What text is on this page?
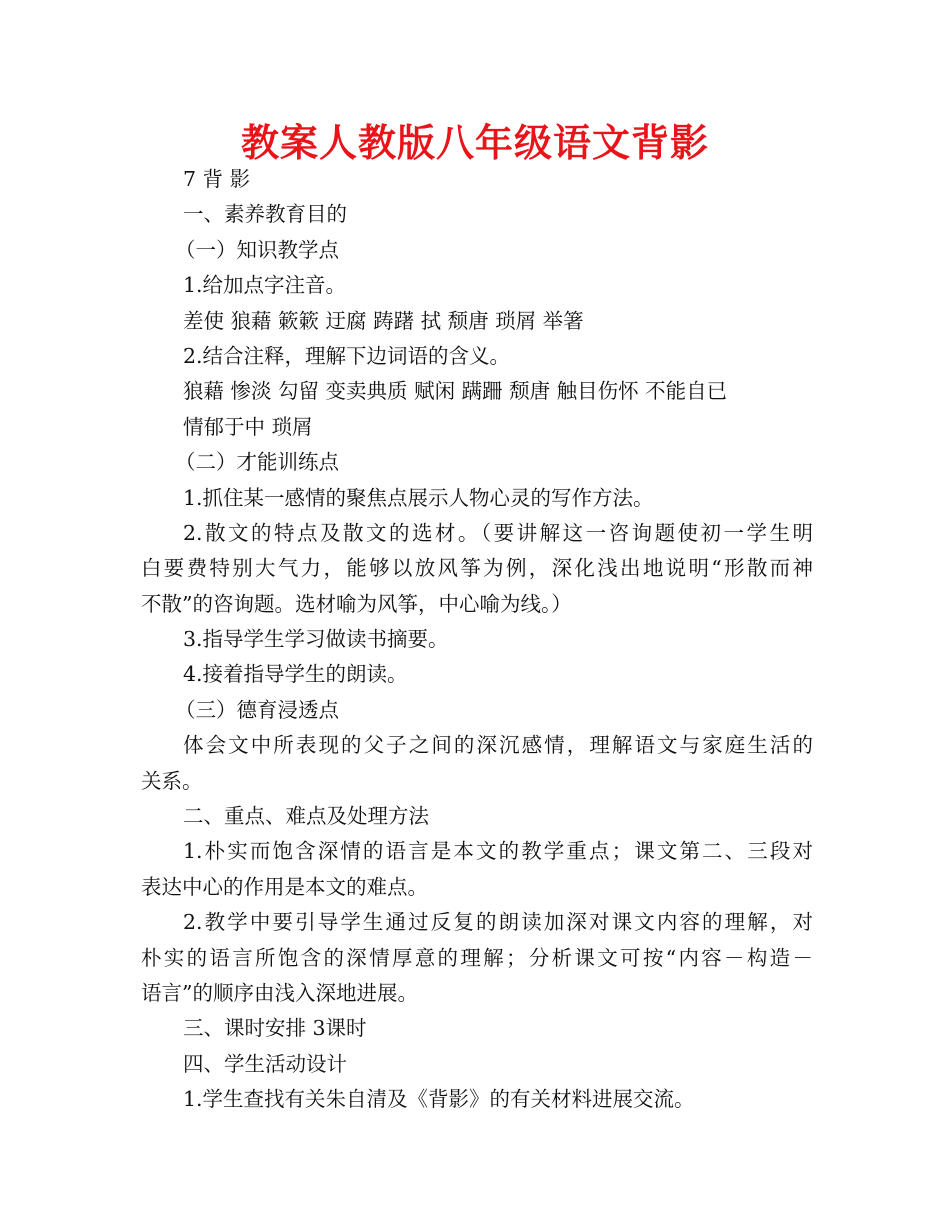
教案人教版八年级语文背影
7 背 影
一、素养教育目的
（一）知识教学点
1.给加点字注音。
差使 狼藉 簌簌 迂腐 踌躇 拭 颓唐 琐屑 举箸
2.结合注释，理解下边词语的含义。
狼藉 惨淡 勾留 变卖典质 赋闲 蹒跚 颓唐 触目伤怀 不能自已
情郁于中 琐屑
（二）才能训练点
1.抓住某一感情的聚焦点展示人物心灵的写作方法。
2.散文的特点及散文的选材。（要讲解这一咨询题使初一学生明
白要费特别大气力，能够以放风筝为例，深化浅出地说明“形散而神
不散”的咨询题。选材喻为风筝，中心喻为线。）
3.指导学生学习做读书摘要。
4.接着指导学生的朗读。
（三）德育浸透点
体会文中所表现的父子之间的深沉感情，理解语文与家庭生活的
关系。
二、重点、难点及处理方法
1.朴实而饱含深情的语言是本文的教学重点；课文第二、三段对
表达中心的作用是本文的难点。
2.教学中要引导学生通过反复的朗读加深对课文内容的理解，对
朴实的语言所饱含的深情厚意的理解；分析课文可按“内容－构造－
语言”的顺序由浅入深地进展。
三、课时安排 3课时
四、学生活动设计
1.学生查找有关朱自清及《背影》的有关材料进展交流。
